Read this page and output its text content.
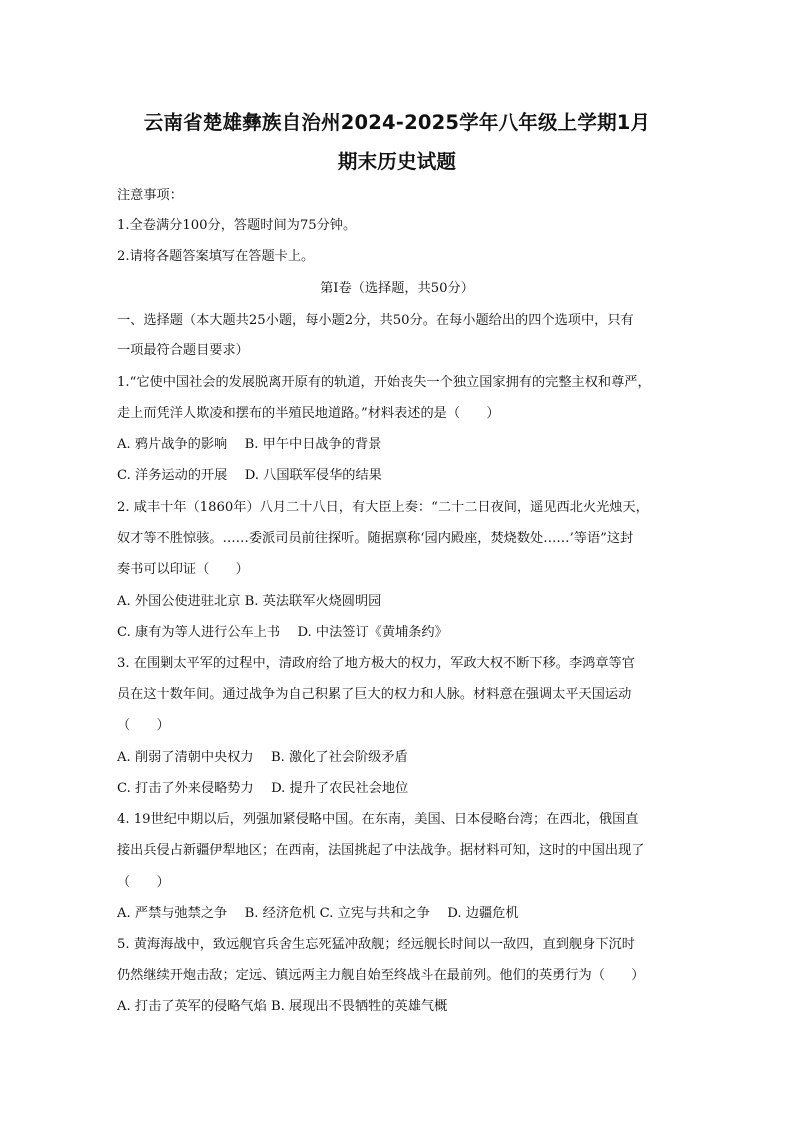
云南省楚雄彝族自治州2024-2025学年八年级上学期1月
期末历史试题
注意事项：
1.全卷满分100分，答题时间为75分钟。
2.请将各题答案填写在答题卡上。
第Ⅰ卷（选择题，共50分）
一、选择题（本大题共25小题，每小题2分，共50分。在每小题给出的四个选项中，只有
一项最符合题目要求）
1.“它使中国社会的发展脱离开原有的轨道，开始丧失一个独立国家拥有的完整主权和尊严，
走上而凭洋人欺凌和摆布的半殖民地道路。”材料表述的是（　　）
A. 鸦片战争的影响　 B. 甲午中日战争的背景
C. 洋务运动的开展　 D. 八国联军侵华的结果
2. 咸丰十年（1860年）八月二十八日，有大臣上奏：“二十二日夜间，遥见西北火光烛天，
奴才等不胜惊骇。……委派司员前往探听。随据禀称‘园内殿座，焚烧数处……’等语”这封
奏书可以印证（　　）
A. 外国公使进驻北京 B. 英法联军火烧圆明园
C. 康有为等人进行公车上书　 D. 中法签订《黄埔条约》
3. 在围剿太平军的过程中，清政府给了地方极大的权力，军政大权不断下移。李鸿章等官
员在这十数年间。通过战争为自己积累了巨大的权力和人脉。材料意在强调太平天国运动
（　　）
A. 削弱了清朝中央权力　 B. 激化了社会阶级矛盾
C. 打击了外来侵略势力　 D. 提升了农民社会地位
4. 19世纪中期以后，列强加紧侵略中国。在东南，美国、日本侵略台湾；在西北，俄国直
接出兵侵占新疆伊犁地区；在西南，法国挑起了中法战争。据材料可知，这时的中国出现了
（　　）
A. 严禁与弛禁之争　 B. 经济危机 C. 立宪与共和之争　 D. 边疆危机
5. 黄海海战中，致远舰官兵舍生忘死猛冲敌舰；经远舰长时间以一敌四，直到舰身下沉时
仍然继续开炮击敌；定远、镇远两主力舰自始至终战斗在最前列。他们的英勇行为（　　）
A. 打击了英军的侵略气焰 B. 展现出不畏牺牲的英雄气概
